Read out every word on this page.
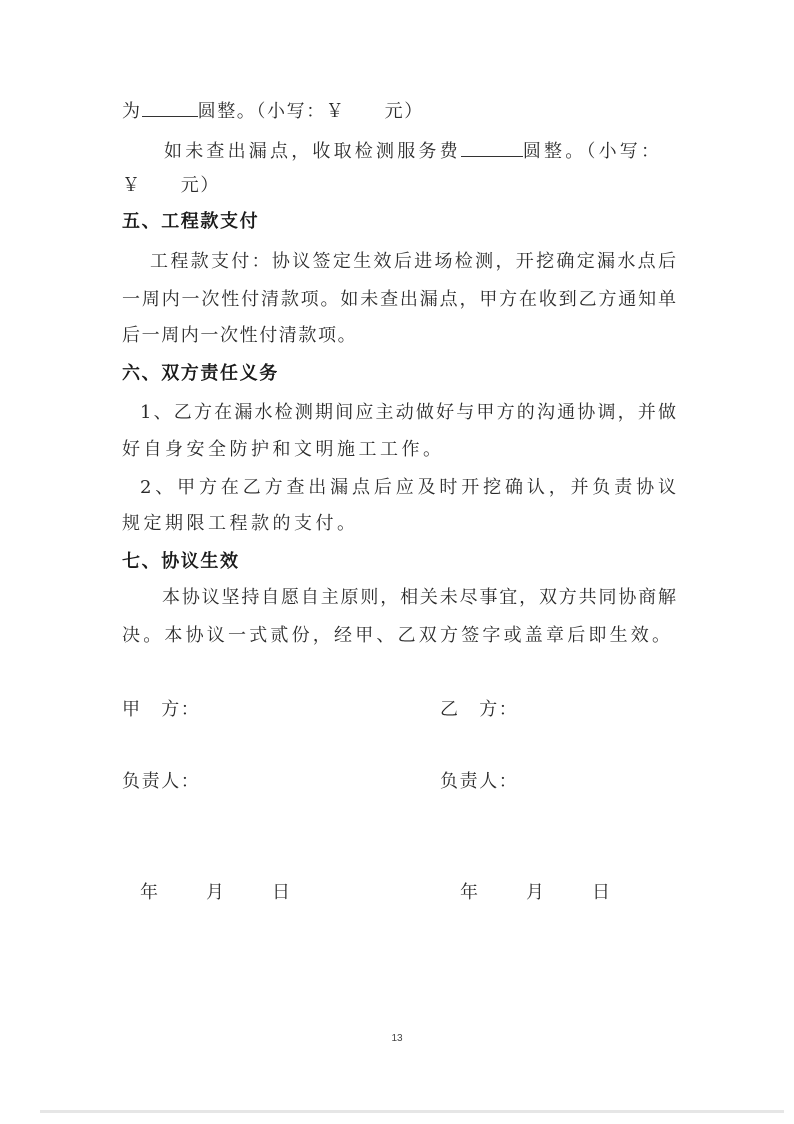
为	圆整。（小写：￥　　元）
如未查出漏点，收取检测服务费	圆整。（小写：
￥　　元）
五、工程款支付
工程款支付：协议签定生效后进场检测，开挖确定漏水点后
一周内一次性付清款项。如未查出漏点，甲方在收到乙方通知单
后一周内一次性付清款项。
六、双方责任义务
1、乙方在漏水检测期间应主动做好与甲方的沟通协调，并做
好自身安全防护和文明施工工作。
2、甲方在乙方查出漏点后应及时开挖确认，并负责协议
规定期限工程款的支付。
七、协议生效
本协议坚持自愿自主原则，相关未尽事宜，双方共同协商解
决。本协议一式贰份，经甲、乙双方签字或盖章后即生效。
甲　方：	乙　方：
负责人：	负责人：
年　　月　　日	年　　月　　日
13
